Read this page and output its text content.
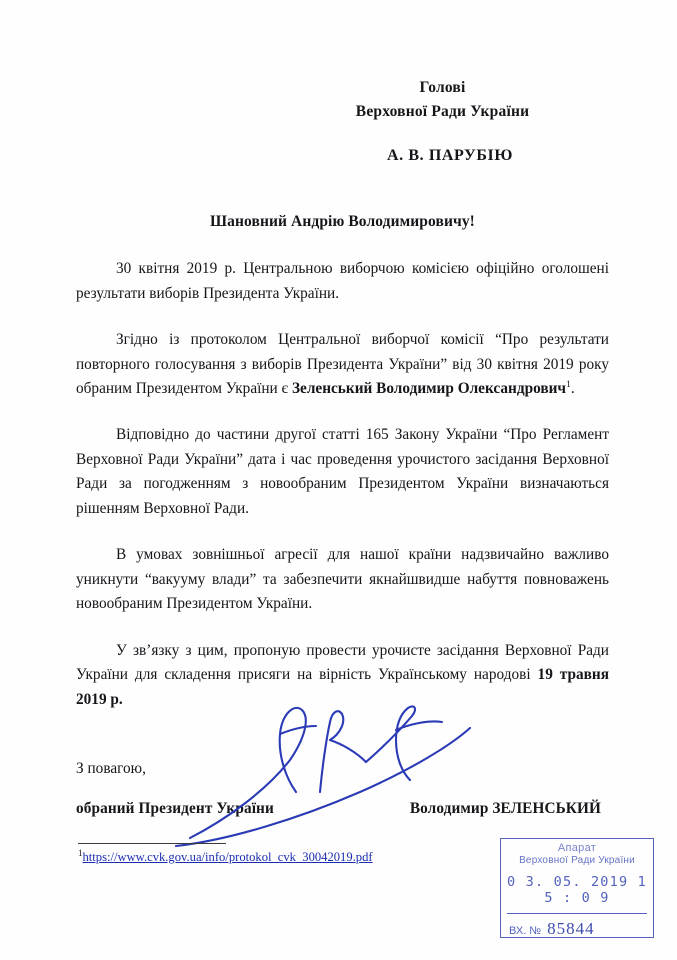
Голові
Верховної Ради України
А. В. ПАРУБІЮ
Шановний Андрію Володимировичу!

30 квітня 2019 р. Центральною виборчою комісією офіційно оголошені результати виборів Президента України.

Згідно із протоколом Центральної виборчої комісії “Про результати повторного голосування з виборів Президента України” від 30 квітня 2019 року обраним Президентом України є Зеленський Володимир Олександрович$^1$.

Відповідно до частини другої статті 165 Закону України “Про Регламент Верховної Ради України” дата і час проведення урочистого засідання Верховної Ради за погодженням з новообраним Президентом України визначаються рішенням Верховної Ради.

В умовах зовнішньої агресії для нашої країни надзвичайно важливо уникнути “вакууму влади” та забезпечити якнайшвидше набуття повноважень новообраним Президентом України.

У зв’язку з цим, пропоную провести урочисте засідання Верховної Ради України для складення присяги на вірність Українському народові 19 травня 2019 р.

З повагою,
обраний Президент України	Володимир ЗЕЛЕНСЬКИЙ
$^1$https://www.cvk.gov.ua/info/protokol_cvk_30042019.pdf
Апарат
Верховної Ради України
0 3. 05. 2019 1 5 : 0 9
ВХ. № 85844
